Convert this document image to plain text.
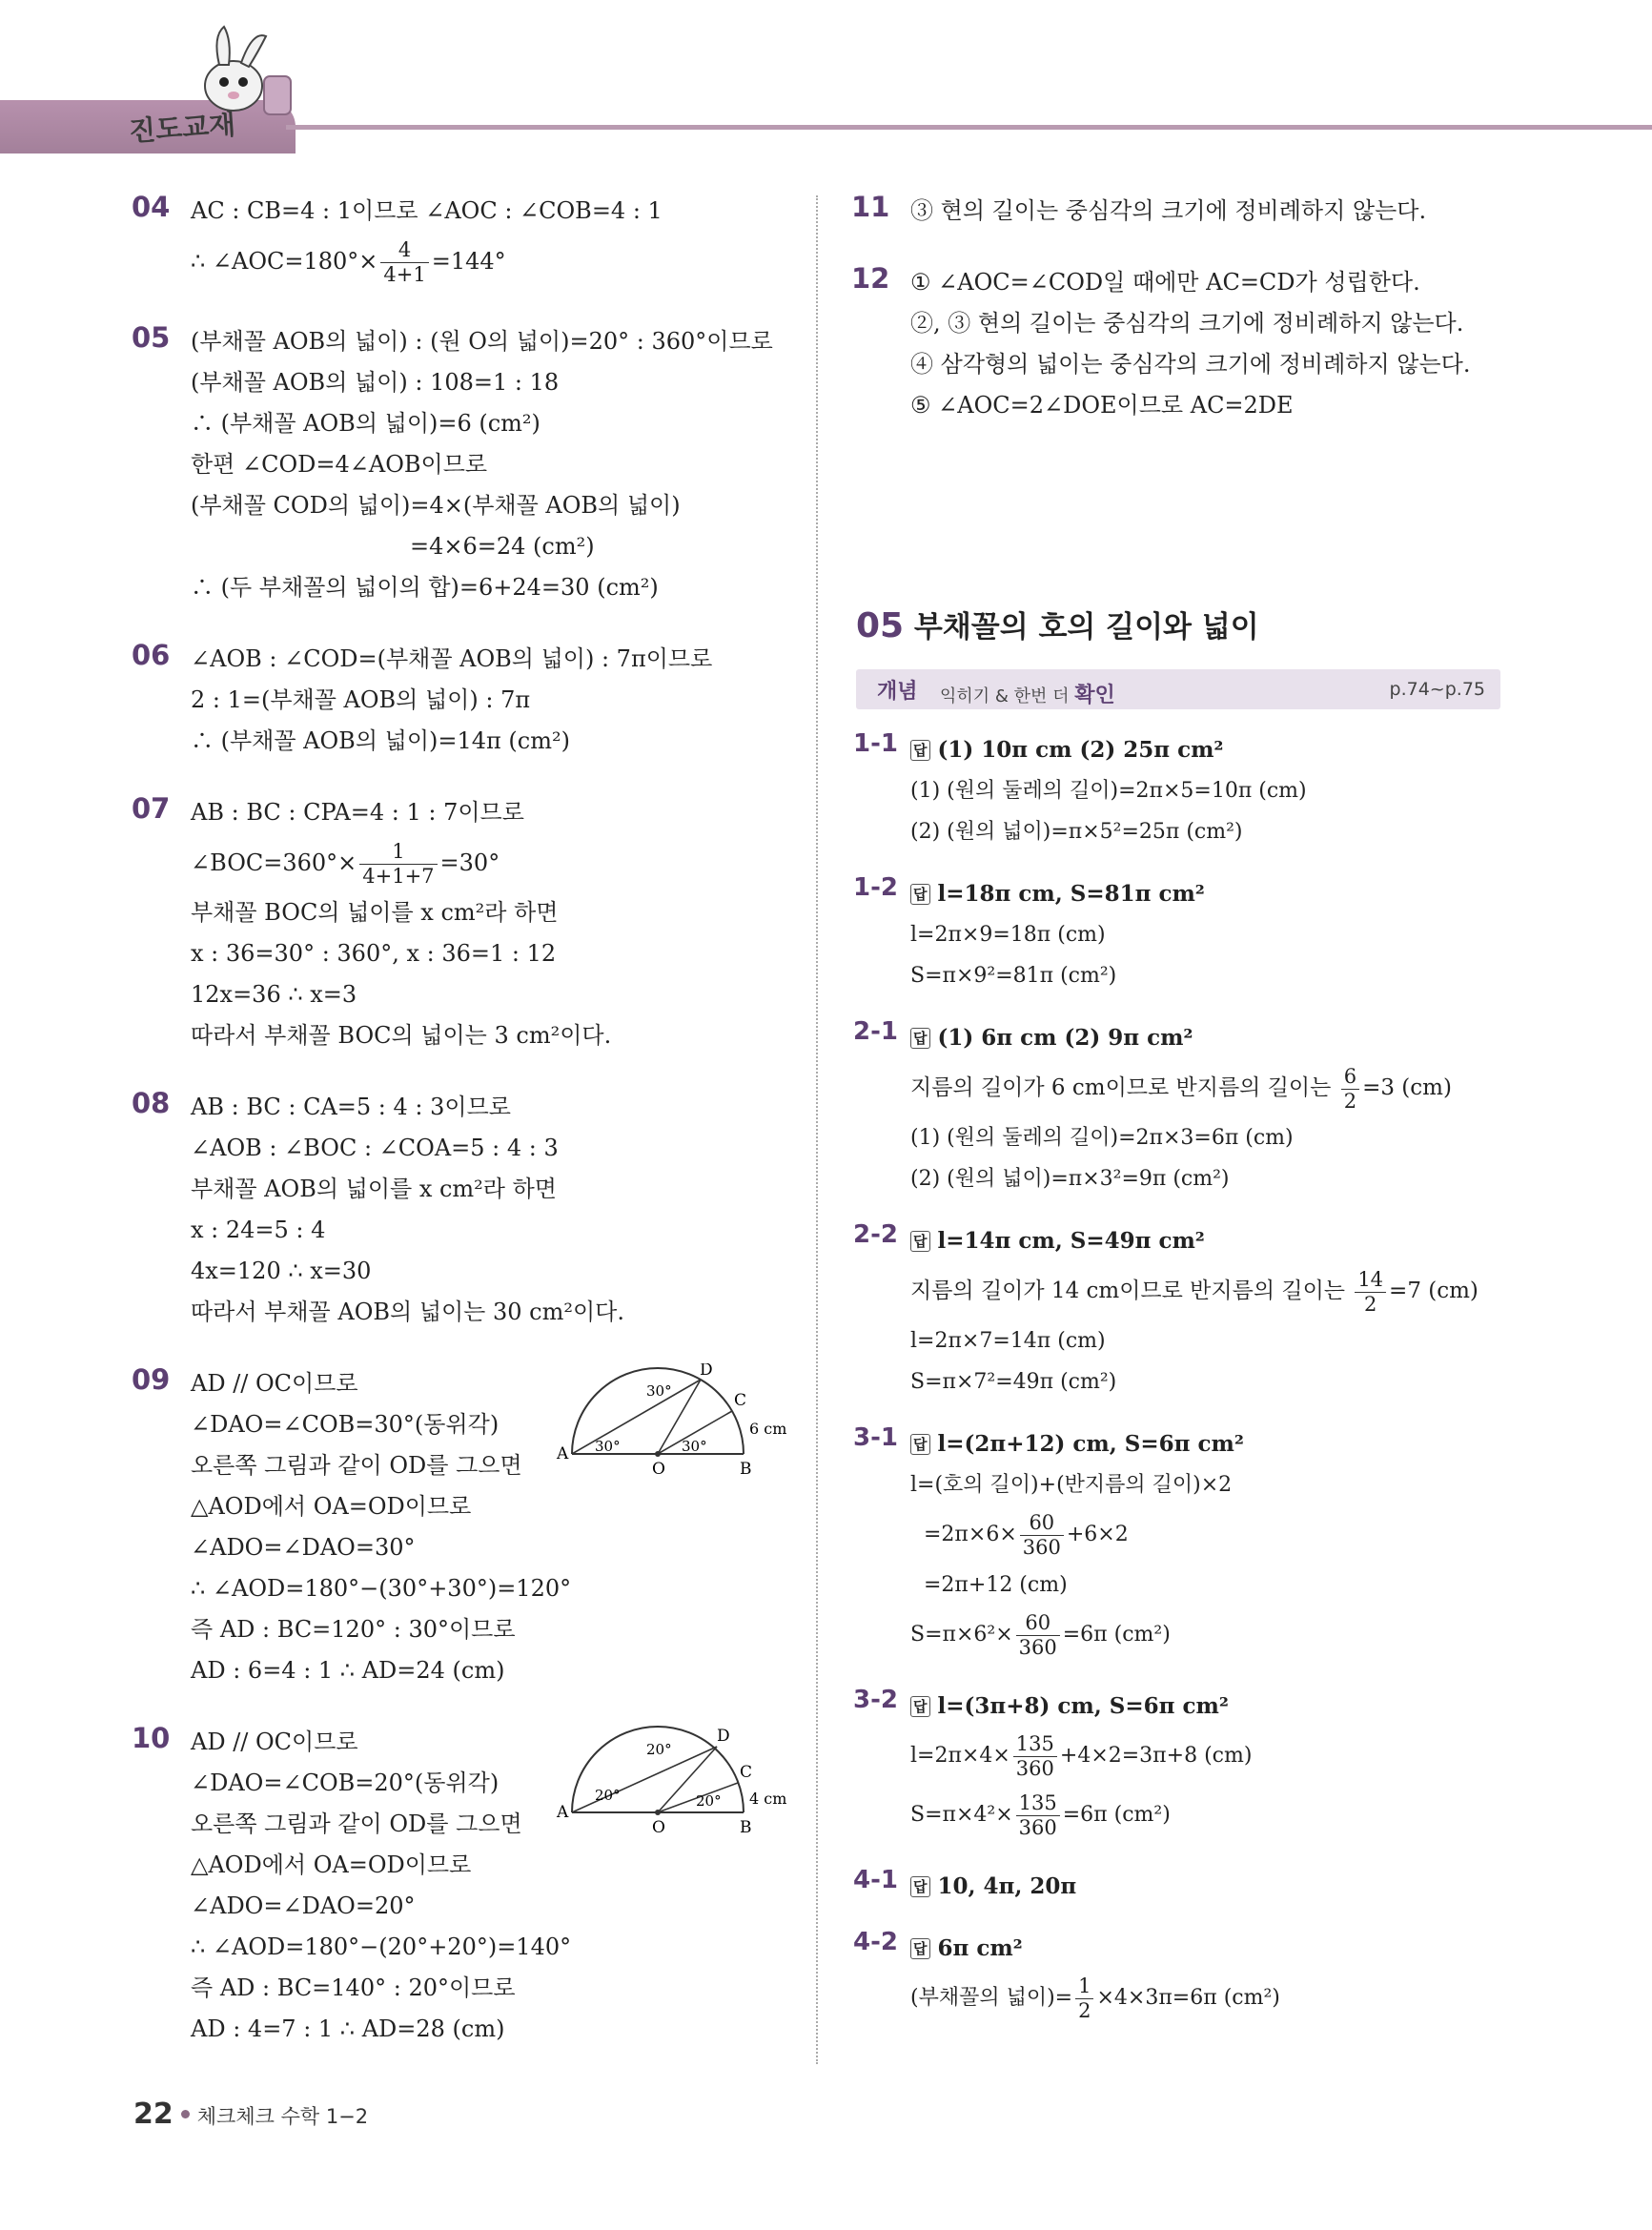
진도교재
04 AC : CB=4 : 1이므로 ∠AOC : ∠COB=4 : 1
∴ ∠AOC=180°× $\frac{4}{4+1} =144^\circ$
05 (부채꼴 AOB의 넓이) : (원 O의 넓이)=20° : 360°이므로
(부채꼴 AOB의 넓이) : 108=1 : 18
∴ (부채꼴 AOB의 넓이)=6 (cm²)
한편 ∠COD=4∠AOB이므로
(부채꼴 COD의 넓이)=4×(부채꼴 AOB의 넓이)
=4×6=24 (cm²)
∴ (두 부채꼴의 넓이의 합)=6+24=30 (cm²)
06 ∠AOB : ∠COD=(부채꼴 AOB의 넓이) : 7π이므로
2 : 1=(부채꼴 AOB의 넓이) : 7π
∴ (부채꼴 AOB의 넓이)=14π (cm²)
07 AB : BC : CPA=4 : 1 : 7이므로
∠BOC=360°× $\frac{1}{4+1+7} =30^\circ$
부채꼴 BOC의 넓이를 x cm²라 하면
x : 36=30° : 360°, x : 36=1 : 12
12x=36 ∴ x=3
따라서 부채꼴 BOC의 넓이는 3 cm²이다.
08 AB : BC : CA=5 : 4 : 3이므로
∠AOB : ∠BOC : ∠COA=5 : 4 : 3
부채꼴 AOB의 넓이를 x cm²라 하면
x : 24=5 : 4
4x=120 ∴ x=30
따라서 부채꼴 AOB의 넓이는 30 cm²이다.
09 AD // OC이므로
∠DAO=∠COB=30°(동위각)
오른쪽 그림과 같이 OD를 그으면
△AOD에서 OA=OD이므로
∠ADO=∠DAO=30°
∴ ∠AOD=180°−(30°+30°)=120°
즉 AD : BC=120° : 30°이므로
AD : 6=4 : 1 ∴ AD=24 (cm)
A
O	B
C
D
30°
30°	30°
6 cm
10 AD // OC이므로
∠DAO=∠COB=20°(동위각)
오른쪽 그림과 같이 OD를 그으면
△AOD에서 OA=OD이므로
∠ADO=∠DAO=20°
∴ ∠AOD=180°−(20°+20°)=140°
즉 AD : BC=140° : 20°이므로
AD : 4=7 : 1 ∴ AD=28 (cm)
A
O	B
C
D
20°
20°	20° 4 cm
11 ③ 현의 길이는 중심각의 크기에 정비례하지 않는다.
12 ① ∠AOC=∠COD일 때에만 AC=CD가 성립한다.
②, ③ 현의 길이는 중심각의 크기에 정비례하지 않는다.
④ 삼각형의 넓이는 중심각의 크기에 정비례하지 않는다.
⑤ ∠AOC=2∠DOE이므로 AC=2DE
05 부채꼴의 호의 길이와 넓이
개념 익히기 & 한번 더 확인	p.74~p.75
1-1 답 (1) 10π cm (2) 25π cm²
(1) (원의 둘레의 길이)=2π×5=10π (cm)
(2) (원의 넓이)=π×5²=25π (cm²)
1-2 답 l=18π cm, S=81π cm²
l=2π×9=18π (cm)
S=π×9²=81π (cm²)
2-1 답 (1) 6π cm (2) 9π cm²
지름의 길이가 6 cm이므로 반지름의 길이는 $\frac{6}{2} =3$ (cm)
(1) (원의 둘레의 길이)=2π×3=6π (cm)
(2) (원의 넓이)=π×3²=9π (cm²)
2-2 답 l=14π cm, S=49π cm²
지름의 길이가 14 cm이므로 반지름의 길이는 $\frac{14}{2} =7$ (cm)
l=2π×7=14π (cm)
S=π×7²=49π (cm²)
3-1 답 l=(2π+12) cm, S=6π cm²
l=(호의 길이)+(반지름의 길이)×2
$=2\pi\times 6\times \frac{60}{360} +6\times 2$
=2π+12 (cm)
$S=\pi\times 6^2\times \frac{60}{360} =6\pi$ (cm²)
3-2 답 l=(3π+8) cm, S=6π cm²
$l=2\pi\times 4\times \frac{135}{360} +4\times 2=3\pi+8$ (cm)
$S=\pi\times 4^2\times \frac{135}{360} =6\pi$ (cm²)
4-1 답 10, 4π, 20π
4-2 답 6π cm²
(부채꼴의 넓이)= $\frac{1}{2} \times 4\times 3\pi=6\pi$ (cm²)
22 체크체크 수학 1−2
